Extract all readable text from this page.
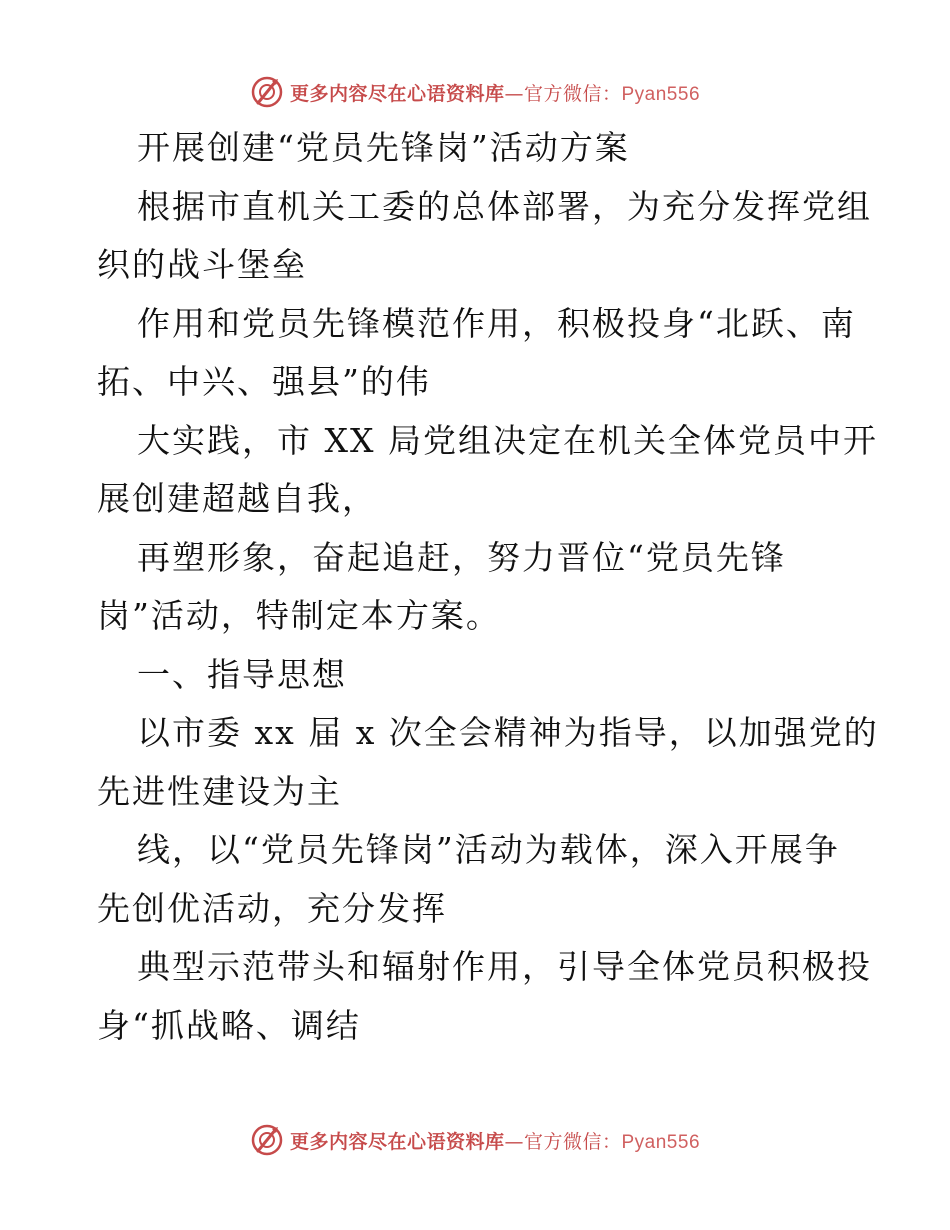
更多内容尽在心语资料库—官方微信：Pyan556
开展创建“党员先锋岗”活动方案
根据市直机关工委的总体部署，为充分发挥党组
织的战斗堡垒
作用和党员先锋模范作用，积极投身“北跃、南
拓、中兴、强县”的伟
大实践，市 XX 局党组决定在机关全体党员中开
展创建超越自我，
再塑形象，奋起追赶，努力晋位“党员先锋
岗”活动，特制定本方案。
一、指导思想
以市委 xx 届 x 次全会精神为指导，以加强党的
先进性建设为主
线，以“党员先锋岗”活动为载体，深入开展争
先创优活动，充分发挥
典型示范带头和辐射作用，引导全体党员积极投
身“抓战略、调结
更多内容尽在心语资料库—官方微信：Pyan556
